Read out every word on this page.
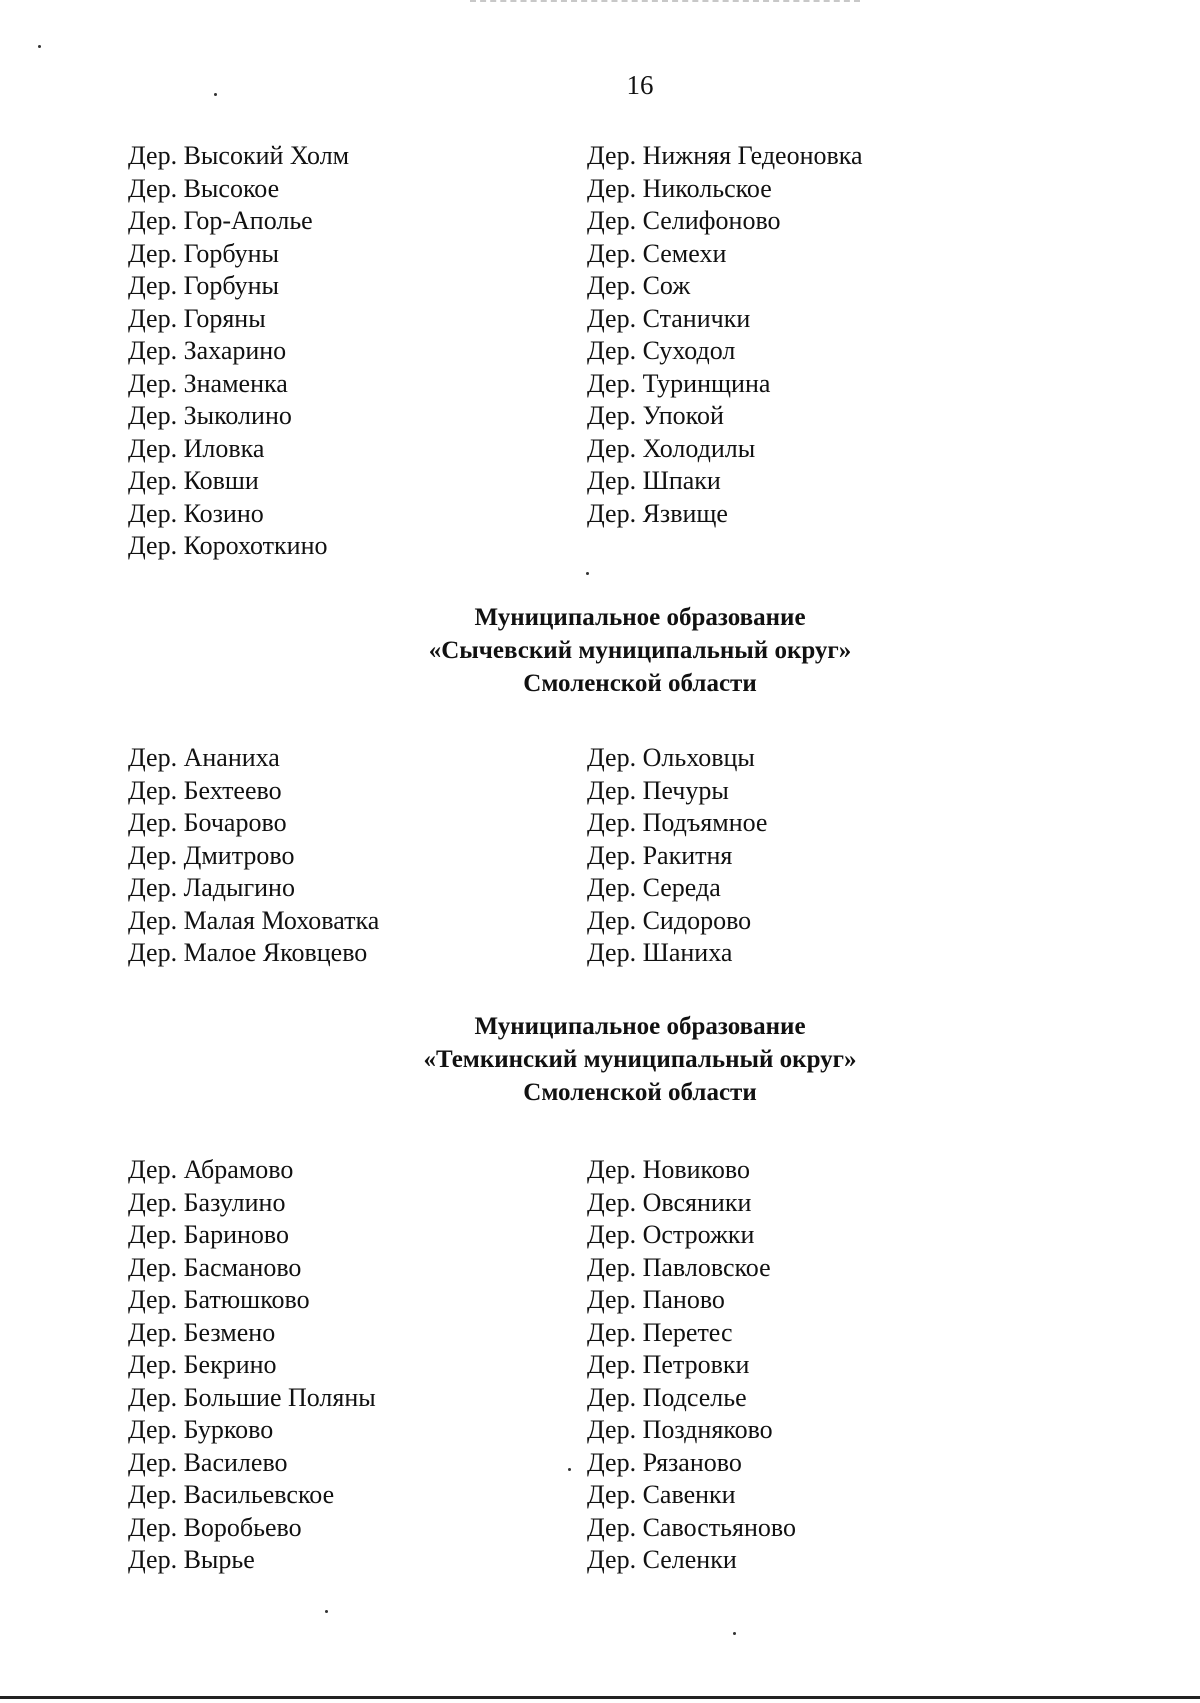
16
Дер. Высокий Холм
Дер. Высокое
Дер. Гор-Аполье
Дер. Горбуны
Дер. Горбуны
Дер. Горяны
Дер. Захарино
Дер. Знаменка
Дер. Зыколино
Дер. Иловка
Дер. Ковши
Дер. Козино
Дер. Корохоткино
Дер. Нижняя Гедеоновка
Дер. Никольское
Дер. Селифоново
Дер. Семехи
Дер. Сож
Дер. Станички
Дер. Суходол
Дер. Туринщина
Дер. Упокой
Дер. Холодилы
Дер. Шпаки
Дер. Язвище
Муниципальное образование
«Сычевский муниципальный округ»
Смоленской области
Дер. Ананиха
Дер. Бехтеево
Дер. Бочарово
Дер. Дмитрово
Дер. Ладыгино
Дер. Малая Моховатка
Дер. Малое Яковцево
Дер. Ольховцы
Дер. Печуры
Дер. Подъямное
Дер. Ракитня
Дер. Середа
Дер. Сидорово
Дер. Шаниха
Муниципальное образование
«Темкинский муниципальный округ»
Смоленской области
Дер. Абрамово
Дер. Базулино
Дер. Бариново
Дер. Басманово
Дер. Батюшково
Дер. Безмено
Дер. Бекрино
Дер. Большие Поляны
Дер. Бурково
Дер. Василево
Дер. Васильевское
Дер. Воробьево
Дер. Вырье
Дер. Новиково
Дер. Овсяники
Дер. Острожки
Дер. Павловское
Дер. Паново
Дер. Перетес
Дер. Петровки
Дер. Подселье
Дер. Поздняково
Дер. Рязаново
Дер. Савенки
Дер. Савостьяново
Дер. Селенки
